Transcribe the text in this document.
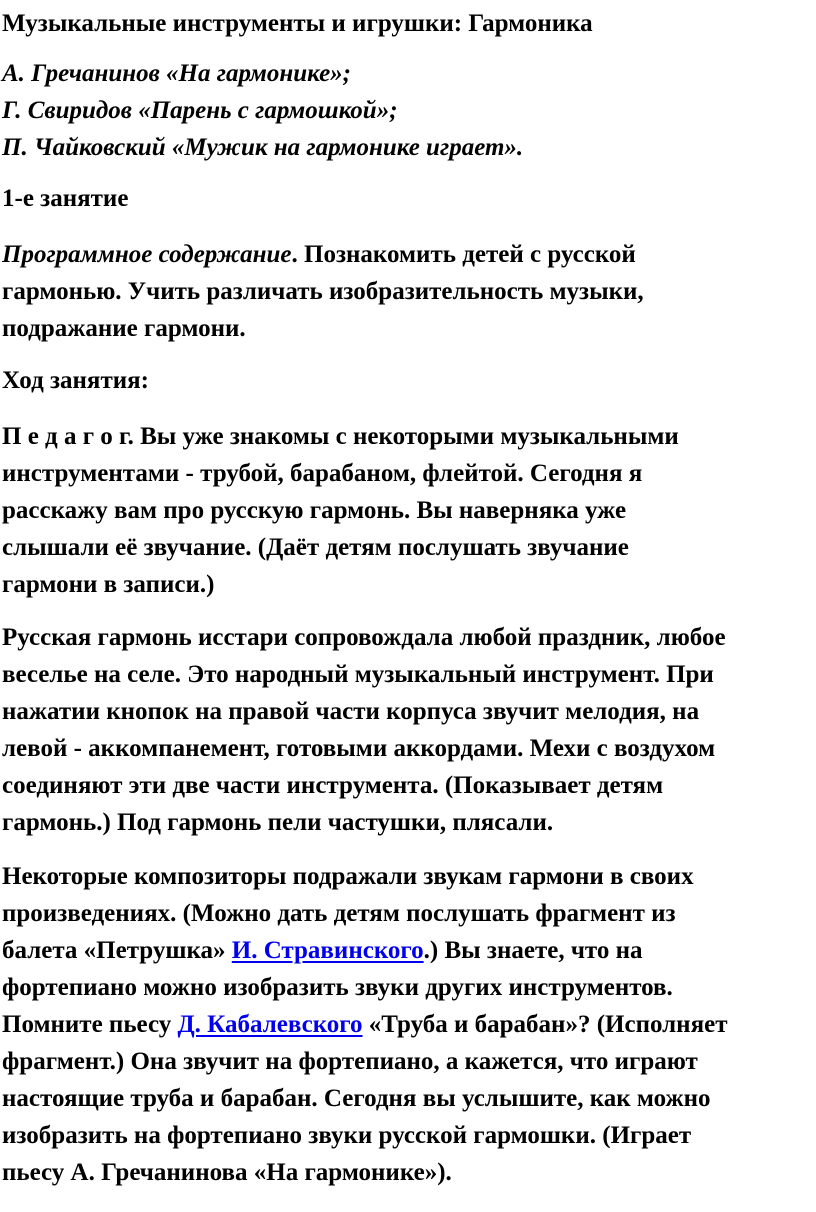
Музыкальные инструменты и игрушки: Гармоника

А. Гречанинов «На гармонике»;

Г. Свиридов «Парень с гармошкой»;

П. Чайковский «Мужик на гармонике играет».

1-е занятие

Программное содержание. Познакомить детей с русской

гармонью. Учить различать изобразительность музыки,

подражание гармони.

Ход занятия:

П е д а г о г. Вы уже знакомы с некоторыми музыкальными

инструментами - трубой, барабаном, флейтой. Сегодня я

расскажу вам про русскую гармонь. Вы наверняка уже

слышали её звучание. (Даёт детям послушать звучание

гармони в записи.)

Русская гармонь исстари сопровождала любой праздник, любое

веселье на селе. Это народный музыкальный инструмент. При

нажатии кнопок на правой части корпуса звучит мелодия, на

левой - аккомпанемент, готовыми аккордами. Мехи с воздухом

соединяют эти две части инструмента. (Показывает детям

гармонь.) Под гармонь пели частушки, плясали.

Некоторые композиторы подражали звукам гармони в своих

произведениях. (Можно дать детям послушать фрагмент из

балета «Петрушка» И. Стравинского.) Вы знаете, что на

фортепиано можно изобразить звуки других инструментов.

Помните пьесу Д. Кабалевского «Труба и барабан»? (Исполняет

фрагмент.) Она звучит на фортепиано, а кажется, что играют

настоящие труба и барабан. Сегодня вы услышите, как можно

изобразить на фортепиано звуки русской гармошки. (Играет

пьесу А. Гречанинова «На гармонике»).
